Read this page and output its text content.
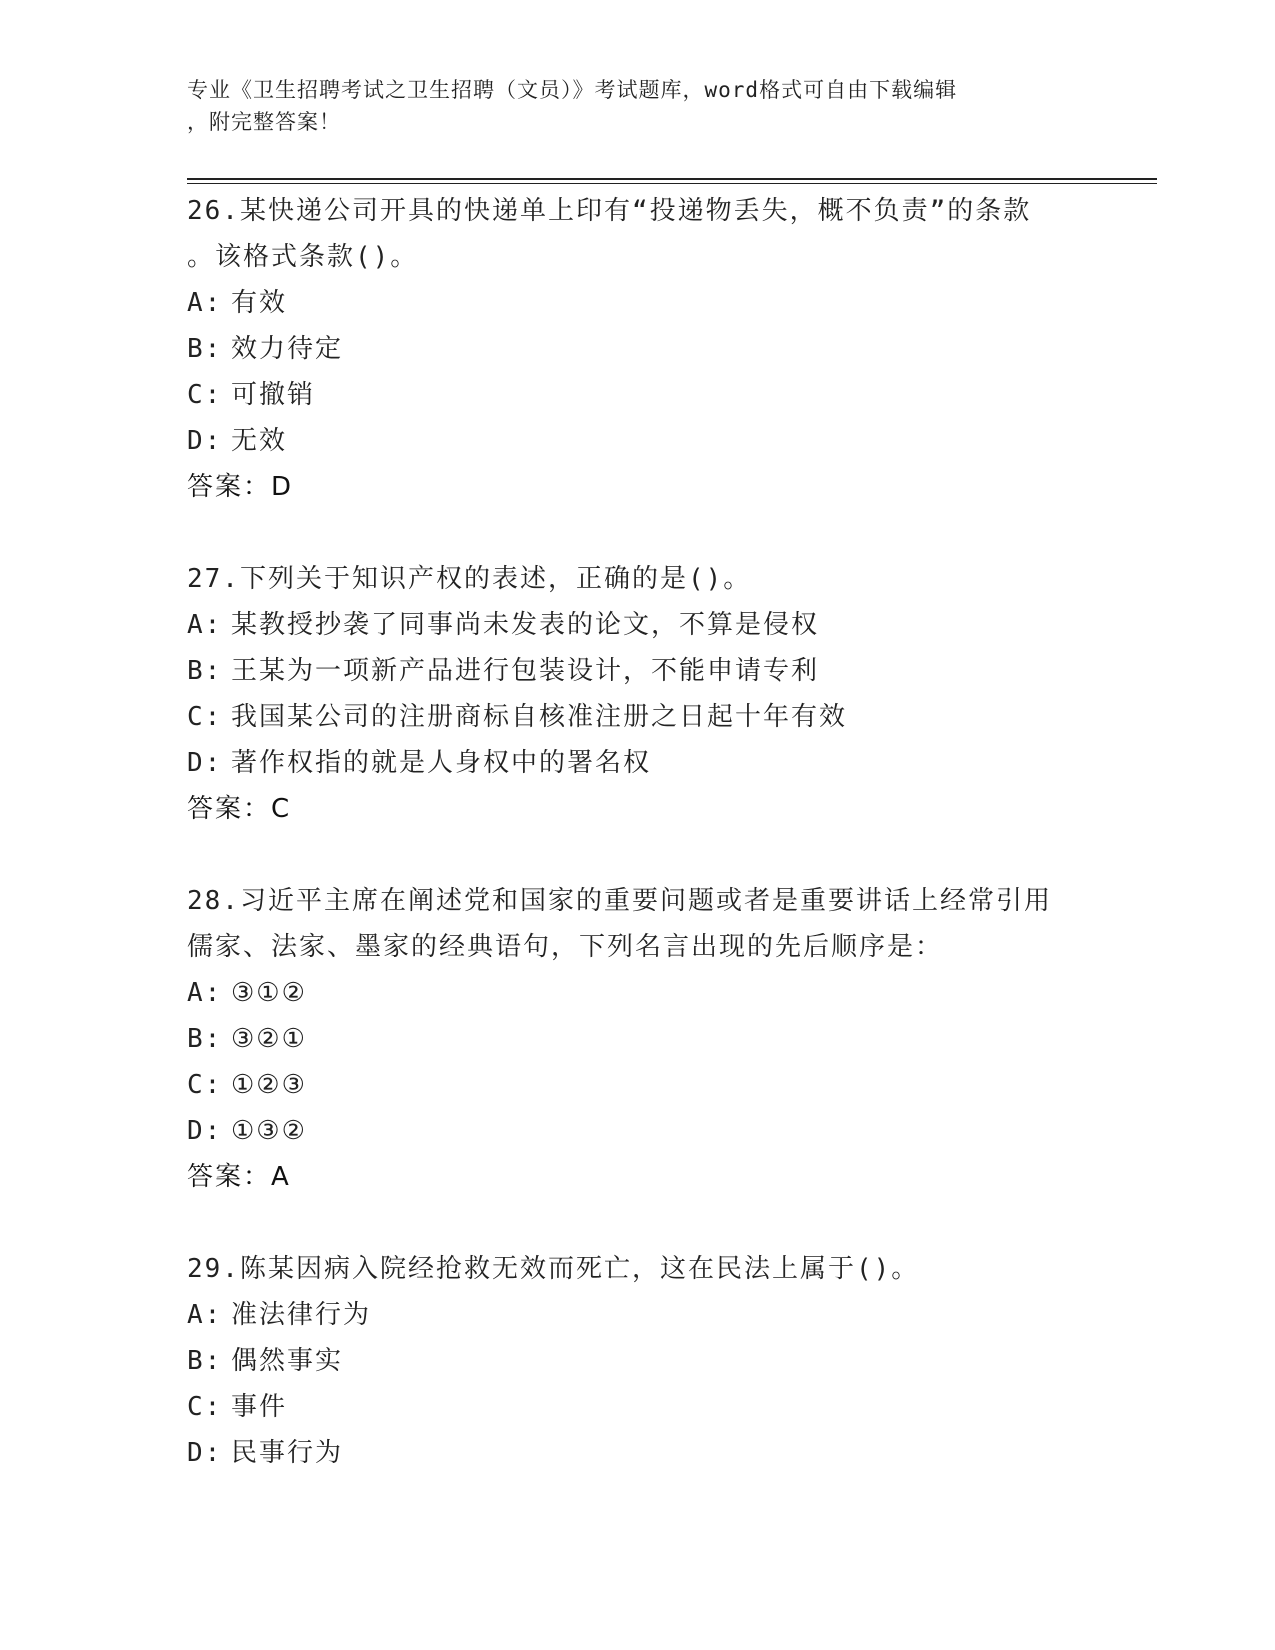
专业《卫生招聘考试之卫生招聘（文员）》考试题库，word格式可自由下载编辑
，附完整答案！
26.某快递公司开具的快递单上印有“投递物丢失，概不负责”的条款
。该格式条款()。
A: 有效
B: 效力待定
C: 可撤销
D: 无效
答案：D
27.下列关于知识产权的表述，正确的是()。
A: 某教授抄袭了同事尚未发表的论文，不算是侵权
B: 王某为一项新产品进行包装设计，不能申请专利
C: 我国某公司的注册商标自核准注册之日起十年有效
D: 著作权指的就是人身权中的署名权
答案：C
28.习近平主席在阐述党和国家的重要问题或者是重要讲话上经常引用
儒家、法家、墨家的经典语句，下列名言出现的先后顺序是：
A: ③①②
B: ③②①
C: ①②③
D: ①③②
答案：A
29.陈某因病入院经抢救无效而死亡，这在民法上属于()。
A: 准法律行为
B: 偶然事实
C: 事件
D: 民事行为
